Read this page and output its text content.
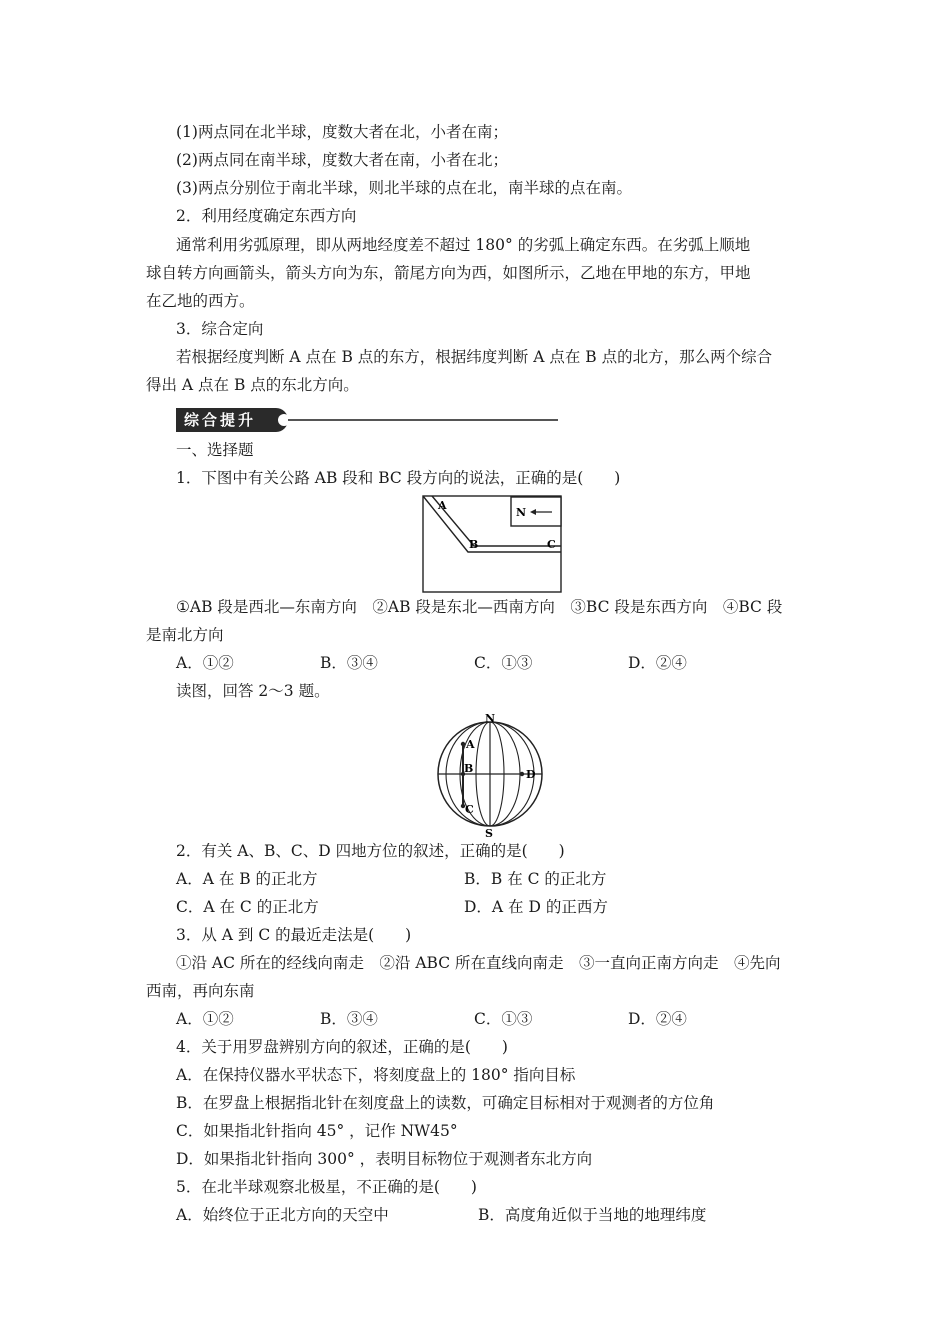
(1)两点同在北半球，度数大者在北，小者在南；
(2)两点同在南半球，度数大者在南，小者在北；
(3)两点分别位于南北半球，则北半球的点在北，南半球的点在南。
2．利用经度确定东西方向
通常利用劣弧原理，即从两地经度差不超过 180° 的劣弧上确定东西。在劣弧上顺地
球自转方向画箭头，箭头方向为东，箭尾方向为西，如图所示，乙地在甲地的东方，甲地
在乙地的西方。
3．综合定向
若根据经度判断 A 点在 B 点的东方，根据纬度判断 A 点在 B 点的北方，那么两个综合
得出 A 点在 B 点的东北方向。
综合提升
一、选择题
1．下图中有关公路 AB 段和 BC 段方向的说法，正确的是(　　)
A
B	C
N
①AB 段是西北—东南方向　②AB 段是东北—西南方向　③BC 段是东西方向　④BC 段
是南北方向
A．①②	B．③④	C．①③	D．②④
读图，回答 2～3 题。
N
S
A
B
C
D
2．有关 A、B、C、D 四地方位的叙述，正确的是(　　)
A．A 在 B 的正北方	B．B 在 C 的正北方
C．A 在 C 的正北方	D．A 在 D 的正西方
3．从 A 到 C 的最近走法是(　　)
①沿 AC 所在的经线向南走　②沿 ABC 所在直线向南走　③一直向正南方向走　④先向
西南，再向东南
A．①②	B．③④	C．①③	D．②④
4．关于用罗盘辨别方向的叙述，正确的是(　　)
A．在保持仪器水平状态下，将刻度盘上的 180° 指向目标
B．在罗盘上根据指北针在刻度盘上的读数，可确定目标相对于观测者的方位角
C．如果指北针指向 45° ，记作 NW45°
D．如果指北针指向 300° ，表明目标物位于观测者东北方向
5．在北半球观察北极星，不正确的是(　　)
A．始终位于正北方向的天空中	B．高度角近似于当地的地理纬度
